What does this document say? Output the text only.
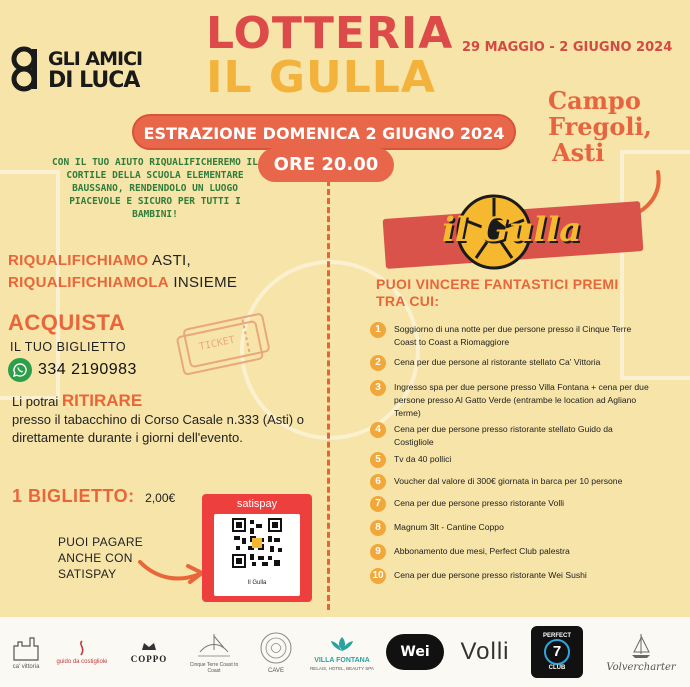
GLI AMICI
DI LUCA
LOTTERIA
IL GULLA
29 MAGGIO - 2 GIUGNO 2024
ESTRAZIONE DOMENICA 2 GIUGNO 2024
ORE 20.00
Campo
Fregoli,
Asti
il Gulla
CON IL TUO AIUTO RIQUALIFICHEREMO IL CORTILE DELLA SCUOLA ELEMENTARE BAUSSANO, RENDENDOLO UN LUOGO PIACEVOLE E SICURO PER TUTTI I BAMBINI!
RIQUALIFICHIAMO ASTI,
RIQUALIFICHIAMOLA INSIEME
ACQUISTA
IL TUO BIGLIETTO
334 2190983
TICKET
Li potrai RITIRARE
presso il tabacchino di Corso Casale n.333 (Asti) o direttamente durante i giorni dell'evento.
1 BIGLIETTO: 2,00€
PUOI PAGARE ANCHE CON SATISPAY
satispay
Il Gulla
PUOI VINCERE FANTASTICI PREMI TRA CUI:
1	Soggiorno di una notte per due persone presso il Cinque Terre Coast to Coast a Riomaggiore
2	Cena per due persone al ristorante stellato Ca' Vittoria
3	Ingresso spa per due persone presso Villa Fontana + cena per due persone presso Al Gatto Verde (entrambe le location ad Agliano Terme)
4	Cena per due persone presso ristorante stellato Guido da Costigliole
5	Tv da 40 pollici
6	Voucher dal valore di 300€ giornata in barca per 10 persone
7	Cena per due persone presso ristorante Volli
8	Magnum 3lt - Cantine Coppo
9	Abbonamento due mesi, Perfect Club palestra
10 Cena per due persone presso ristorante Wei Sushi
ca' vittoria
guido da costigliole	COPPO
Cinque Terre Coast to Coast	CAVE
VILLA FONTANA
RELAIS, HOTEL, BEAUTY SPA
Wei	Volli
PERFECT
7
CLUB	Volvercharter
